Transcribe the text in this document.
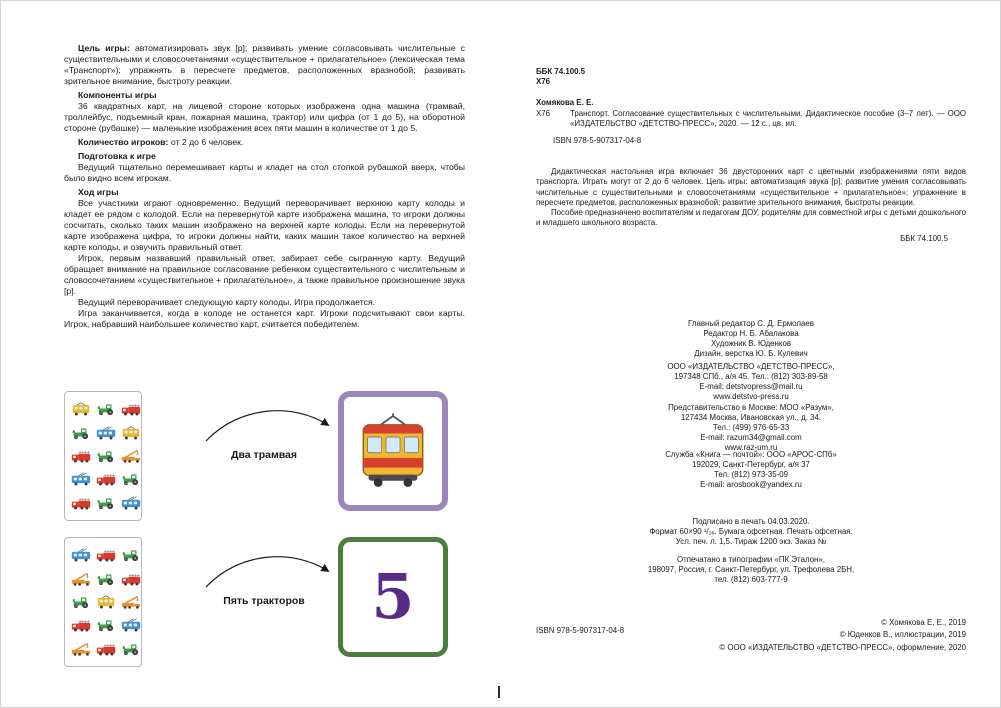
Цель игры: автоматизировать звук [р]; развивать умение согласовывать числительные с существительными и словосочетаниями «существительное + прилагательное» (лексическая тема «Транспорт»); упражнять в пересчете предметов, расположенных вразнобой; развивать зрительное внимание, быстроту реакции.

Компоненты игры

36 квадратных карт, на лицевой стороне которых изображена одна машина (трамвай, троллейбус, подъемный кран, пожарная машина, трактор) или цифра (от 1 до 5), на оборотной стороне (рубашке) — маленькие изображения всех пяти машин в количестве от 1 до 5.

Количество игроков: от 2 до 6 человек.

Подготовка к игре

Ведущий тщательно перемешивает карты и кладет на стол стопкой рубашкой вверх, чтобы было видно всем игрокам.

Ход игры

Все участники играют одновременно. Ведущий переворачивает верхнюю карту колоды и кладет ее рядом с колодой. Если на перевернутой карте изображена машина, то игроки должны сосчитать, сколько таких машин изображено на верхней карте колоды. Если на перевернутой карте изображена цифра, то игроки должны найти, каких машин такое количество на верхней карте колоды, и озвучить правильный ответ.

Игрок, первым назвавший правильный ответ, забирает себе сыгранную карту. Ведущий обращает внимание на правильное согласование ребенком существительного с числительным и словосочетанием «существительное + прилагательное», а также правильное произношение звука [р].

Ведущий переворачивает следующую карту колоды. Игра продолжается.

Игра заканчивается, когда в колоде не останется карт. Игроки подсчитывают свои карты. Игрок, набравший наибольшее количество карт, считается победителем.

Два трамвая
Пять тракторов	5
ББК 74.100.5
Х76
Хомякова Е. Е.
Х76	Транспорт. Согласование существительных с числительными. Дидактическое пособие (3–7 лет). — ООО «ИЗДАТЕЛЬСТВО «ДЕТСТВО-ПРЕСС», 2020. — 12 с., цв. ил.
ISBN 978-5-907317-04-8

Дидактическая настольная игра включает 36 двусторонних карт с цветными изображениями пяти видов транспорта. Играть могут от 2 до 6 человек. Цель игры: автоматизация звука [р]; развитие умения согласовывать числительные с существительными и словосочетаниями «существительное + прилагательное»; упражнение в пересчете предметов, расположенных вразнобой; развитие зрительного внимания, быстроты реакции.

Пособие предназначено воспитателям и педагогам ДОУ, родителям для совместной игры с детьми дошкольного и младшего школьного возраста.

ББК 74.100.5
Главный редактор С. Д. Ермолаев
Редактор Н. Б. Абалакова
Художник В. Юденков
Дизайн, верстка Ю. Б. Кулевич
ООО «ИЗДАТЕЛЬСТВО «ДЕТСТВО-ПРЕСС»,
197348 СПб., а/я 45. Тел.: (812) 303-89-58
E-mail: detstvopress@mail.ru
www.detstvo-press.ru
Представительство в Москве: МОО «Разум»,
127434 Москва, Ивановская ул., д. 34.
Тел.: (499) 976-65-33
E-mail: razum34@gmail.com
www.raz-um.ru
Служба «Книга — почтой»: ООО «АРОС-СПб»
192029, Санкт-Петербург, а/я 37
Тел. (812) 973-35-09
E-mail: arosbook@yandex.ru
Подписано в печать 04.03.2020.
Формат 60×90 ¹/₁₆. Бумага офсетная. Печать офсетная.
Усл. печ. л. 1,5. Тираж 1200 экз. Заказ №
Отпечатано в типографии «ПК Эталон»,
198097, Россия, г. Санкт-Петербург, ул. Трефолева 2БН,
тел. (812) 603-777-9
ISBN 978-5-907317-04-8
© Хомякова Е. Е., 2019
© Юденков В., иллюстрации, 2019
© ООО «ИЗДАТЕЛЬСТВО «ДЕТСТВО-ПРЕСС», оформление, 2020
